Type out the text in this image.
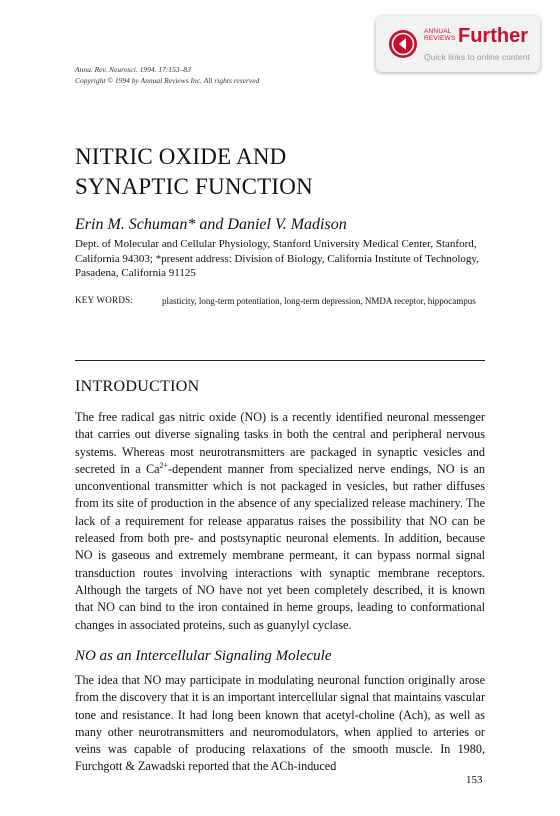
ANNUAL
REVIEWS Further
Quick links to online content
Annu. Rev. Neurosci. 1994. 17:153–83
Copyright © 1994 by Annual Reviews Inc. All rights reserved
NITRIC OXIDE AND
SYNAPTIC FUNCTION
Erin M. Schuman* and Daniel V. Madison
Dept. of Molecular and Cellular Physiology, Stanford University Medical Center, Stanford, California 94303; *present address: Division of Biology, California Institute of Technology, Pasadena, California 91125
KEY WORDS:	plasticity, long-term potentiation, long-term depression, NMDA receptor, hippocampus
INTRODUCTION
The free radical gas nitric oxide (NO) is a recently identified neuronal messenger that carries out diverse signaling tasks in both the central and peripheral nervous systems. Whereas most neurotransmitters are packaged in synaptic vesicles and secreted in a $Ca^{2+}$-dependent manner from specialized nerve endings, NO is an unconventional transmitter which is not packaged in vesicles, but rather diffuses from its site of production in the absence of any specialized release machinery. The lack of a requirement for release apparatus raises the possibility that NO can be released from both pre- and postsynaptic neuronal elements. In addition, because NO is gaseous and extremely membrane permeant, it can bypass normal signal transduction routes involving interactions with synaptic membrane receptors. Although the targets of NO have not yet been completely described, it is known that NO can bind to the iron contained in heme groups, leading to conformational changes in associated proteins, such as guanylyl cyclase.
NO as an Intercellular Signaling Molecule
The idea that NO may participate in modulating neuronal function originally arose from the discovery that it is an important intercellular signal that maintains vascular tone and resistance. It had long been known that acetyl-choline (Ach), as well as many other neurotransmitters and neuromodulators, when applied to arteries or veins was capable of producing relaxations of the smooth muscle. In 1980, Furchgott & Zawadski reported that the ACh-induced
153
